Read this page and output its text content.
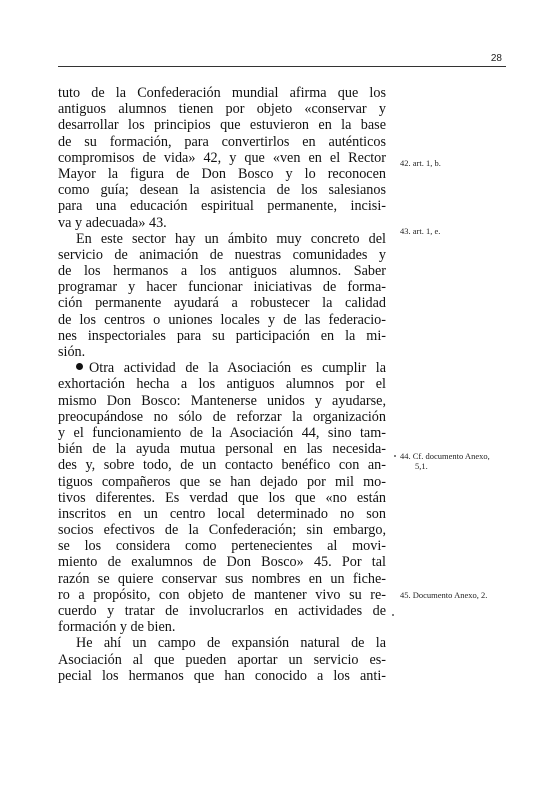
28
tuto de la Confederación mundial afirma que los
antiguos alumnos tienen por objeto «conservar y
desarrollar los principios que estuvieron en la base
de su formación, para convertirlos en auténticos
compromisos de vida» 42, y que «ven en el Rector
Mayor la figura de Don Bosco y lo reconocen
como guía; desean la asistencia de los salesianos
para una educación espiritual permanente, incisi-
va y adecuada» 43.
En este sector hay un ámbito muy concreto del
servicio de animación de nuestras comunidades y
de los hermanos a los antiguos alumnos. Saber
programar y hacer funcionar iniciativas de forma-
ción permanente ayudará a robustecer la calidad
de los centros o uniones locales y de las federacio-
nes inspectoriales para su participación en la mi-
sión.
Otra actividad de la Asociación es cumplir la
exhortación hecha a los antiguos alumnos por el
mismo Don Bosco: Mantenerse unidos y ayudarse,
preocupándose no sólo de reforzar la organización
y el funcionamiento de la Asociación 44, sino tam-
bién de la ayuda mutua personal en las necesida-
des y, sobre todo, de un contacto benéfico con an-
tiguos compañeros que se han dejado por mil mo-
tivos diferentes. Es verdad que los que «no están
inscritos en un centro local determinado no son
socios efectivos de la Confederación; sin embargo,
se los considera como pertenecientes al movi-
miento de exalumnos de Don Bosco» 45. Por tal
razón se quiere conservar sus nombres en un fiche-
ro a propósito, con objeto de mantener vivo su re-
cuerdo y tratar de involucrarlos en actividades de
formación y de bien.
He ahí un campo de expansión natural de la
Asociación al que pueden aportar un servicio es-
pecial los hermanos que han conocido a los anti-
42. art. 1, b.
43. art. 1, e.
44. Cf. documento Anexo,
5,1.
45. Documento Anexo, 2.
